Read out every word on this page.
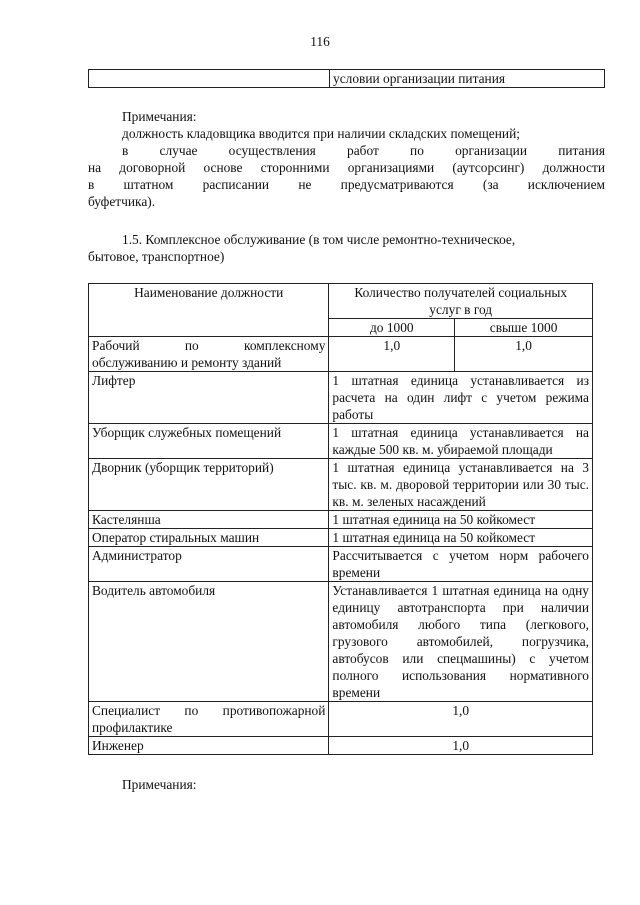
116
	условии организации питания
Примечания:
должность кладовщика вводится при наличии складских помещений;
в случае осуществления работ по организации питания
на договорной основе сторонними организациями (аутсорсинг) должности
в штатном расписании не предусматриваются (за исключением
буфетчика).
1.5. Комплексное обслуживание (в том числе ремонтно-техническое,
бытовое, транспортное)
Наименование должности	Количество получателей социальных
услуг в год	

	до 1000	свыше 1000
Рабочий по комплексному обслуживанию и ремонту зданий	1,0	1,0
Лифтер	1 штатная единица устанавливается из расчета на один лифт с учетом режима работы	
Уборщик служебных помещений	1 штатная единица устанавливается на каждые 500 кв. м. убираемой площади	
Дворник (уборщик территорий)	1 штатная единица устанавливается на 3 тыс. кв. м. дворовой территории или 30 тыс. кв. м. зеленых насаждений	
Кастелянша	1 штатная единица на 50 койкомест	
Оператор стиральных машин	1 штатная единица на 50 койкомест	
Администратор	Рассчитывается с учетом норм рабочего времени	
Водитель автомобиля	Устанавливается 1 штатная единица на одну единицу автотранспорта при наличии автомобиля любого типа (легкового, грузового автомобилей, погрузчика, автобусов или спецмашины) с учетом полного использования нормативного времени	
Специалист по противопожарной профилактике	1,0	
Инженер	1,0	
Примечания:
